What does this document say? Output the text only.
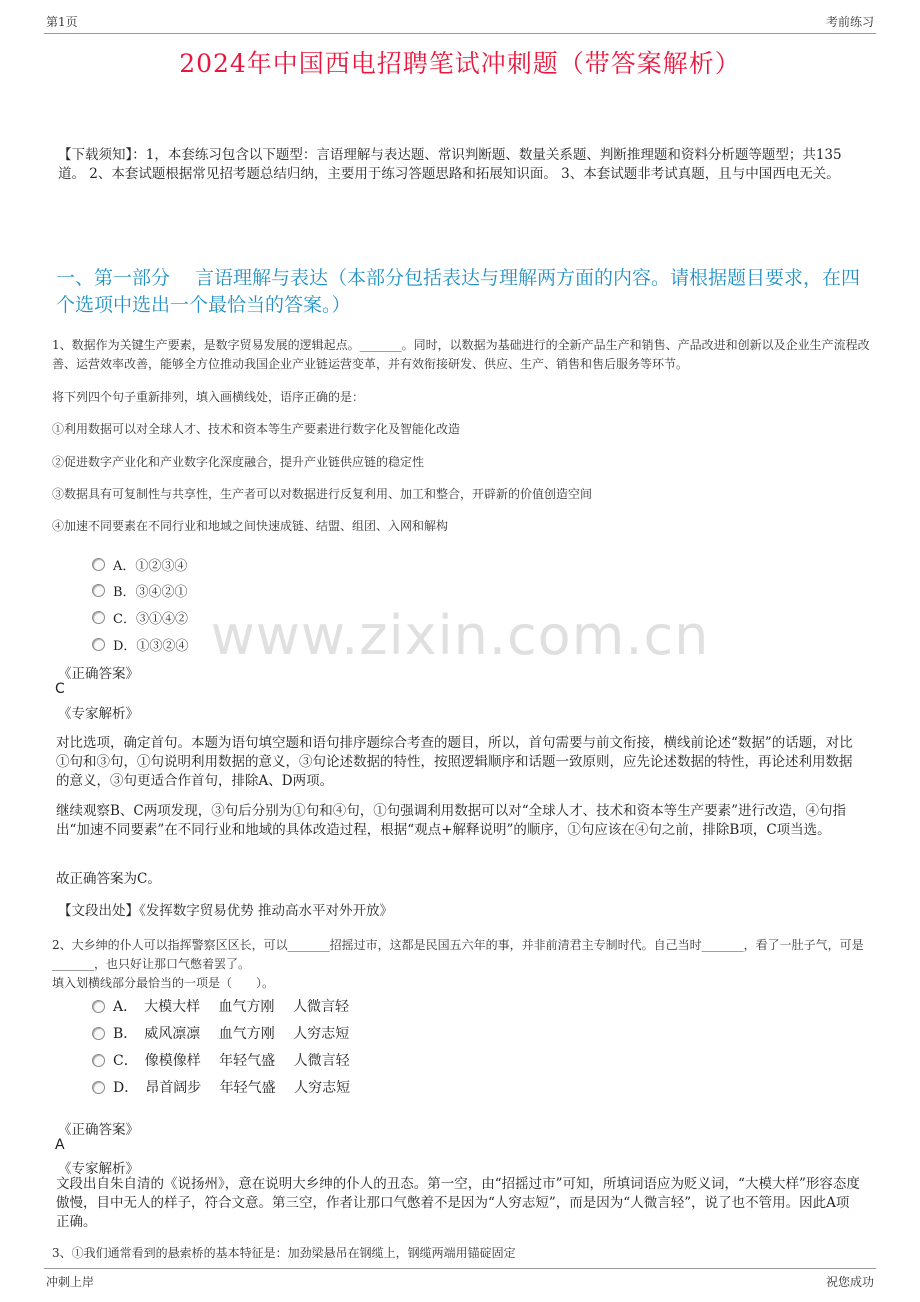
第1页	考前练习
2024年中国西电招聘笔试冲刺题（带答案解析）
【下载须知】：1，本套练习包含以下题型：言语理解与表达题、常识判断题、数量关系题、判断推理题和资料分析题等题型；共135道。 2、本套试题根据常见招考题总结归纳，主要用于练习答题思路和拓展知识面。 3、本套试题非考试真题，且与中国西电无关。
一、第一部分　 言语理解与表达（本部分包括表达与理解两方面的内容。请根据题目要求，在四个选项中选出一个最恰当的答案。）
www.zixin.com.cn
1、数据作为关键生产要素，是数字贸易发展的逻辑起点。_______。同时，以数据为基础进行的全新产品生产和销售、产品改进和创新以及企业生产流程改善、运营效率改善，能够全方位推动我国企业产业链运营变革，并有效衔接研发、供应、生产、销售和售后服务等环节。
将下列四个句子重新排列，填入画横线处，语序正确的是：
①利用数据可以对全球人才、技术和资本等生产要素进行数字化及智能化改造
②促进数字产业化和产业数字化深度融合，提升产业链供应链的稳定性
③数据具有可复制性与共享性，生产者可以对数据进行反复利用、加工和整合，开辟新的价值创造空间
④加速不同要素在不同行业和地域之间快速成链、结盟、组团、入网和解构
A．①②③④
B．③④②①
C．③①④②
D．①③②④
《正确答案》
C
《专家解析》
对比选项，确定首句。本题为语句填空题和语句排序题综合考查的题目，所以，首句需要与前文衔接，横线前论述“数据”的话题，对比①句和③句，①句说明利用数据的意义，③句论述数据的特性，按照逻辑顺序和话题一致原则，应先论述数据的特性，再论述利用数据的意义，③句更适合作首句，排除A、D两项。
继续观察B、C两项发现，③句后分别为①句和④句，①句强调利用数据可以对“全球人才、技术和资本等生产要素”进行改造，④句指出“加速不同要素”在不同行业和地域的具体改造过程，根据“观点+解释说明”的顺序，①句应该在④句之前，排除B项，C项当选。
故正确答案为C。
【文段出处】《发挥数字贸易优势 推动高水平对外开放》
2、大乡绅的仆人可以指挥警察区区长，可以_______招摇过市，这都是民国五六年的事，并非前清君主专制时代。自己当时_______，看了一肚子气，可是_______，也只好让那口气憋着罢了。
填入划横线部分最恰当的一项是（　　）。
A．　大模大样　 血气方刚　 人微言轻
B．　威风凛凛　 血气方刚　 人穷志短
C．　像模像样　 年轻气盛　 人微言轻
D．　昂首阔步　 年轻气盛　 人穷志短
《正确答案》
A
《专家解析》
文段出自朱自清的《说扬州》，意在说明大乡绅的仆人的丑态。第一空，由“招摇过市”可知，所填词语应为贬义词，“大模大样”形容态度傲慢，目中无人的样子，符合文意。第三空，作者让那口气憋着不是因为“人穷志短”，而是因为“人微言轻”，说了也不管用。因此A项正确。
3、①我们通常看到的悬索桥的基本特征是：加劲梁悬吊在钢缆上，钢缆两端用锚碇固定
冲刺上岸	祝您成功
